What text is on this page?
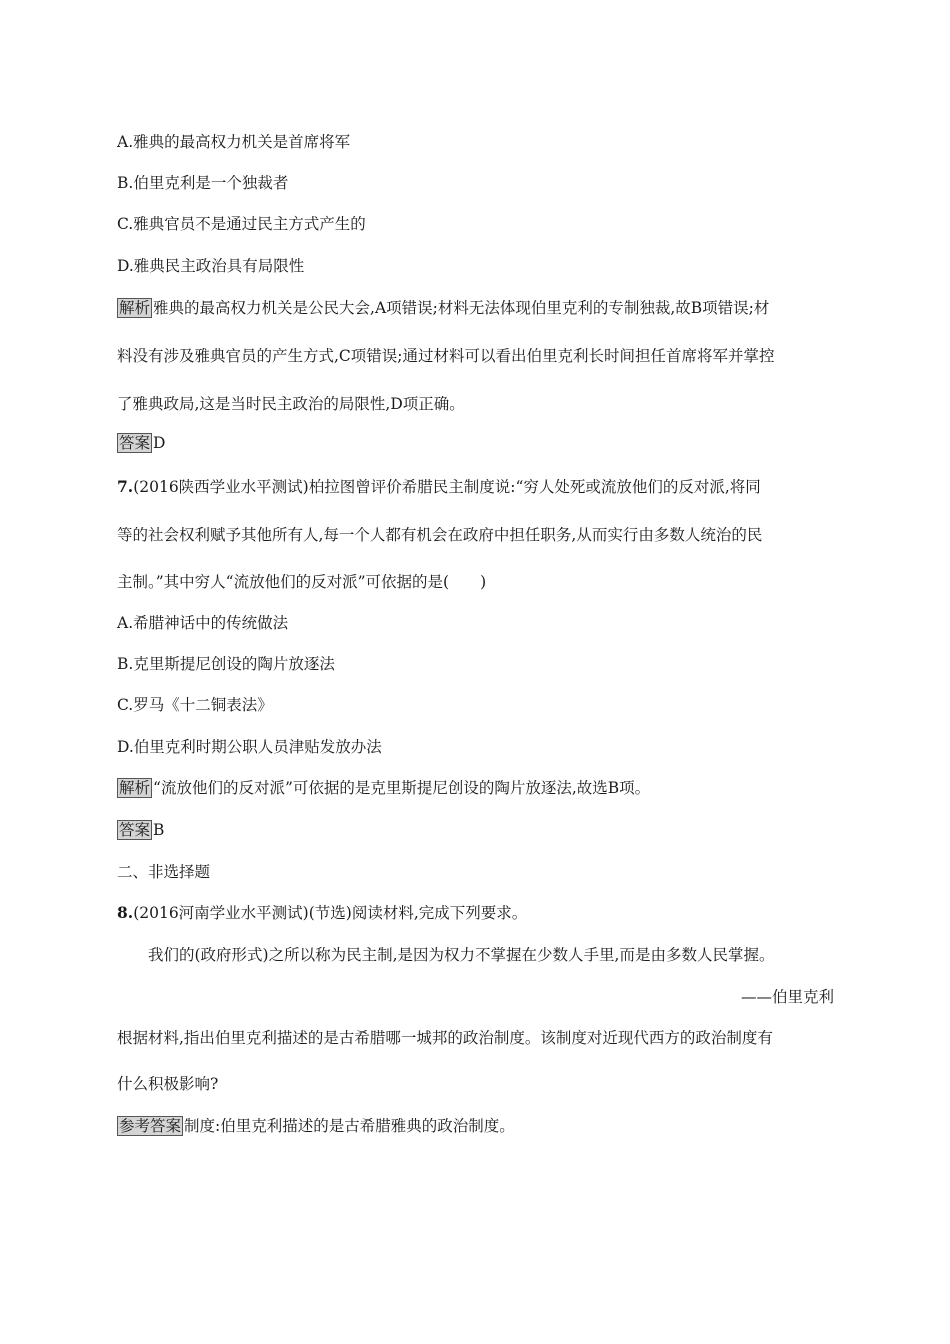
A.雅典的最高权力机关是首席将军
B.伯里克利是一个独裁者
C.雅典官员不是通过民主方式产生的
D.雅典民主政治具有局限性
解析 雅典的最高权力机关是公民大会,A项错误;材料无法体现伯里克利的专制独裁,故B项错误;材
料没有涉及雅典官员的产生方式,C项错误;通过材料可以看出伯里克利长时间担任首席将军并掌控
了雅典政局,这是当时民主政治的局限性,D项正确。
答案 D
7.(2016陕西学业水平测试)柏拉图曾评价希腊民主制度说:“穷人处死或流放他们的反对派,将同
等的社会权利赋予其他所有人,每一个人都有机会在政府中担任职务,从而实行由多数人统治的民
主制。”其中穷人“流放他们的反对派”可依据的是(　　)
A.希腊神话中的传统做法
B.克里斯提尼创设的陶片放逐法
C.罗马《十二铜表法》
D.伯里克利时期公职人员津贴发放办法
解析 “流放他们的反对派”可依据的是克里斯提尼创设的陶片放逐法,故选B项。
答案 B
二、非选择题
8.(2016河南学业水平测试)(节选)阅读材料,完成下列要求。
我们的(政府形式)之所以称为民主制,是因为权力不掌握在少数人手里,而是由多数人民掌握。
——伯里克利
根据材料,指出伯里克利描述的是古希腊哪一城邦的政治制度。该制度对近现代西方的政治制度有
什么积极影响?
参考答案 制度:伯里克利描述的是古希腊雅典的政治制度。
